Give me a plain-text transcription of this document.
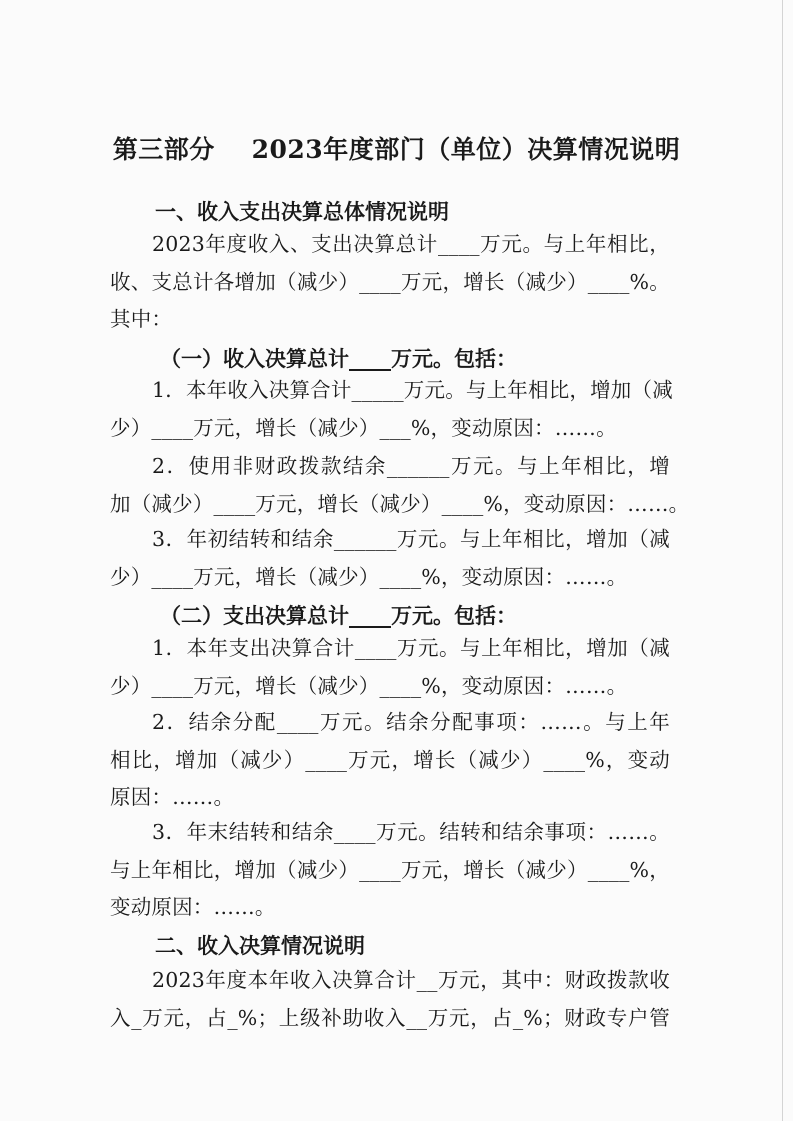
第三部分    2023年度部门（单位）决算情况说明
一、收入支出决算总体情况说明
2023年度收入、支出决算总计____万元。与上年相比，
收、支总计各增加（减少）____万元，增长（减少）____%。
其中：
（一）收入决算总计____万元。包括：
1．本年收入决算合计_____万元。与上年相比，增加（减
少）____万元，增长（减少）___%，变动原因：……。
2．使用非财政拨款结余______万元。与上年相比，增
加（减少）____万元，增长（减少）____%，变动原因：……。
3．年初结转和结余______万元。与上年相比，增加（减
少）____万元，增长（减少）____%，变动原因：……。
（二）支出决算总计____万元。包括：
1．本年支出决算合计____万元。与上年相比，增加（减
少）____万元，增长（减少）____%，变动原因：……。
2．结余分配____万元。结余分配事项：……。与上年
相比，增加（减少）____万元，增长（减少）____%，变动
原因：……。
3．年末结转和结余____万元。结转和结余事项：……。
与上年相比，增加（减少）____万元，增长（减少）____%，
变动原因：……。
二、收入决算情况说明
2023年度本年收入决算合计__万元，其中：财政拨款收
入_万元，占_%；上级补助收入__万元，占_%；财政专户管
